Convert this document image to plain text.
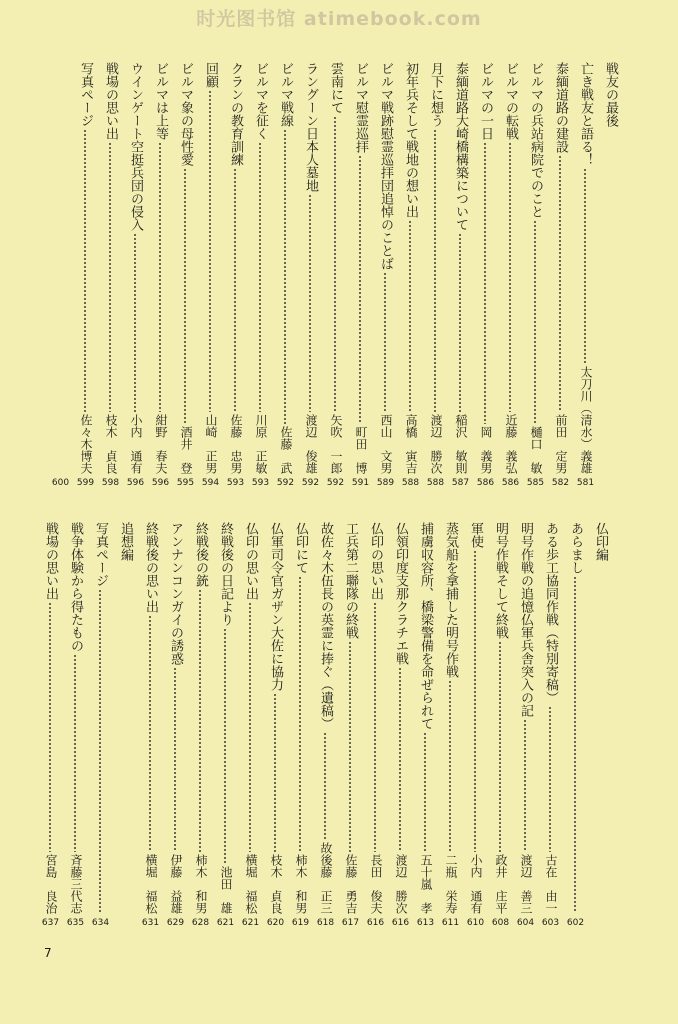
时光图书馆 atimebook.com
戦友の最後
亡き戦友と語る！
581
太刀川（清水）義雄
泰緬道路の建設
582
前田　定男
ビルマの兵站病院でのこと
585
樋口　敏
ビルマの転戦
586
近藤　義弘
ビルマの一日
586
岡　義男
泰緬道路大崎橋構築について
587
稲沢　敏則
月下に想う
588
渡辺　勝次
初年兵そして戦地の想い出
588
高橋　寅吉
ビルマ戦跡慰霊巡拝団追悼のことば
589
西山　文男
ビルマ慰霊巡拝
591
町田　博
雲南にて
592
矢吹　一郎
ラングーン日本人墓地
592
渡辺　俊雄
ビルマ戦線
592
佐藤　武
ビルマを征く
593
川原　正敏
クランの教育訓練
593
佐藤　忠男
回顧
594
山崎　正男
ビルマ象の母性愛
595
酒井　登
ビルマは上等
596
紺野　春夫
ウインゲート空挺兵団の侵入
596
小内　通有
戦場の思い出
598
枝木　貞良
写真ページ
599
佐々木博夫
600
仏印編
あらまし
602
ある歩工協同作戦（特別寄稿）
603
古在　由一
明号作戦の追憶仏軍兵舎突入の記
604
渡辺　善三
明号作戦そして終戦
608
政井　庄平
軍使
610
小内　通有
蒸気船を拿捕した明号作戦
611
二瓶　栄寿
捕虜収容所、橋梁警備を命ぜられて
613
五十嵐　孝
仏領印度支那クラチエ戦
616
渡辺　勝次
仏印の思い出
616
長田　俊夫
工兵第二聯隊の終戦
617
佐藤　勇吉
故佐々木伍長の英霊に捧ぐ（遺稿）
618
故後藤　正三
仏印にて
619
柿木　和男
仏軍司令官ガザン大佐に協力
620
枝木　貞良
仏印の思い出
621
横堀　福松
終戦後の日記より
621
池田　雄
終戦後の銃
628
柿木　和男
アンナンコンガイの誘惑
629
伊藤　益雄
終戦後の思い出
631
横堀　福松
追想編
写真ページ
634
戦争体験から得たもの
635
斉藤三代志
戦場の思い出
637
宮島　良治
7
